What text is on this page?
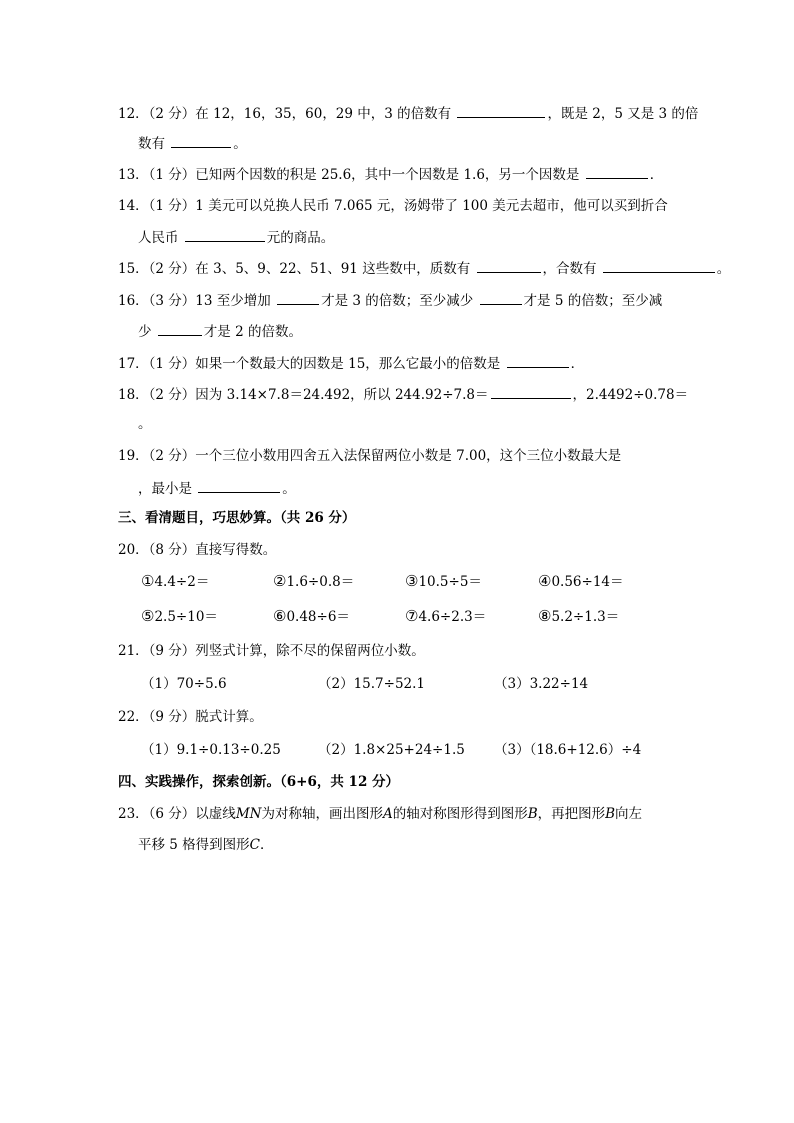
12．（2 分）在 12，16，35，60，29 中，3 的倍数有	，既是 2，5 又是 3 的倍
数有	。
13．（1 分）已知两个因数的积是 25.6，其中一个因数是 1.6，另一个因数是	．
14．（1 分）1 美元可以兑换人民币 7.065 元，汤姆带了 100 美元去超市，他可以买到折合
人民币	元的商品。
15．（2 分）在 3、5、9、22、51、91 这些数中，质数有	，合数有	。
16．（3 分）13 至少增加	才是 3 的倍数；至少减少	才是 5 的倍数；至少减
少	才是 2 的倍数。
17．（1 分）如果一个数最大的因数是 15，那么它最小的倍数是	．
18．（2 分）因为 3.14×7.8＝24.492，所以 244.92÷7.8＝	，2.4492÷0.78＝
。
19．（2 分）一个三位小数用四舍五入法保留两位小数是 7.00，这个三位小数最大是
，最小是	。
三、看清题目，巧思妙算。（共 26 分）
20．（8 分）直接写得数。
①4.4÷2＝	②1.6÷0.8＝	③10.5÷5＝	④0.56÷14＝
⑤2.5÷10＝	⑥0.48÷6＝	⑦4.6÷2.3＝	⑧5.2÷1.3＝
21．（9 分）列竖式计算，除不尽的保留两位小数。
（1）70÷5.6	（2）15.7÷52.1	（3）3.22÷14
22．（9 分）脱式计算。
（1）9.1÷0.13÷0.25	（2）1.8×25+24÷1.5 （3）（18.6+12.6）÷4
四、实践操作，探索创新。（6+6，共 12 分）
23．（6 分）以虚线MN为对称轴，画出图形A的轴对称图形得到图形B，再把图形B向左
平移 5 格得到图形C．
